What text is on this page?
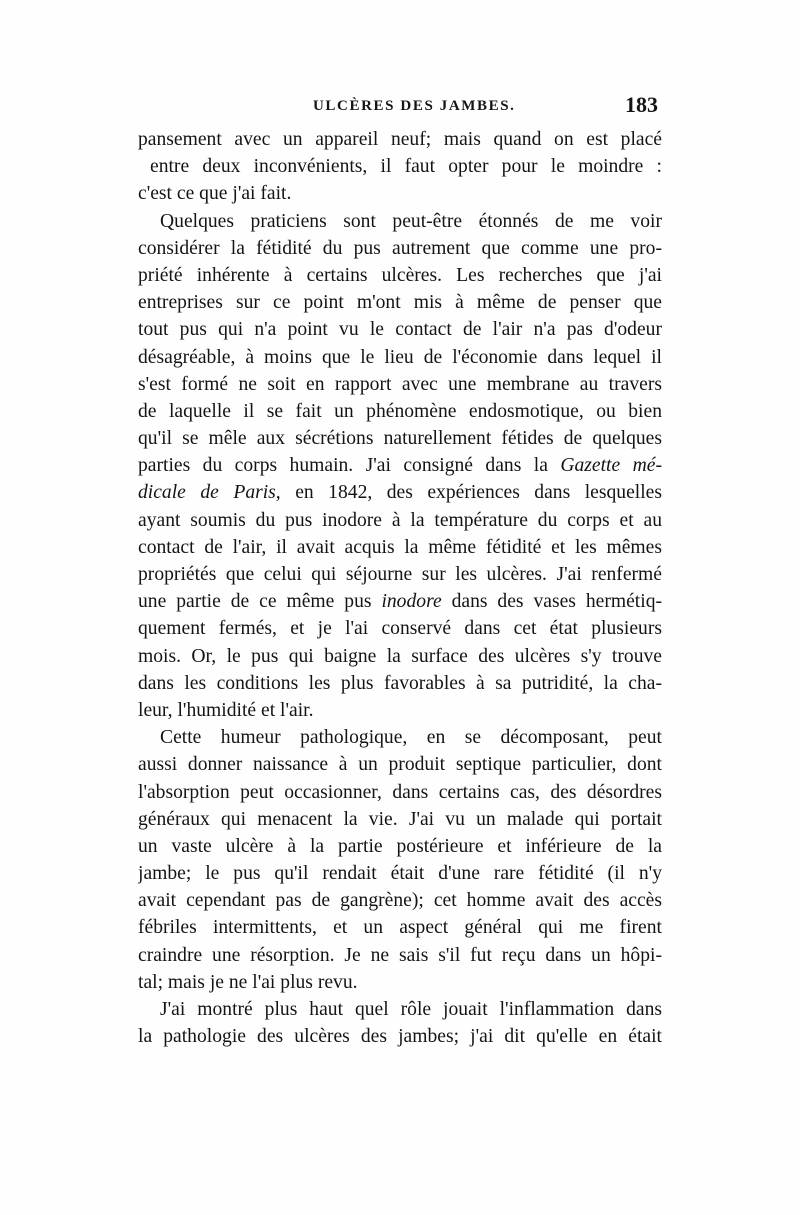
ULCÈRES DES JAMBES.	183
pansement avec un appareil neuf; mais quand on est placé
entre deux inconvénients, il faut opter pour le moindre :
c'est ce que j'ai fait.
Quelques praticiens sont peut-être étonnés de me voir
considérer la fétidité du pus autrement que comme une pro-
priété inhérente à certains ulcères. Les recherches que j'ai
entreprises sur ce point m'ont mis à même de penser que
tout pus qui n'a point vu le contact de l'air n'a pas d'odeur
désagréable, à moins que le lieu de l'économie dans lequel il
s'est formé ne soit en rapport avec une membrane au travers
de laquelle il se fait un phénomène endosmotique, ou bien
qu'il se mêle aux sécrétions naturellement fétides de quelques
parties du corps humain. J'ai consigné dans la Gazette mé-
dicale de Paris, en 1842, des expériences dans lesquelles
ayant soumis du pus inodore à la température du corps et au
contact de l'air, il avait acquis la même fétidité et les mêmes
propriétés que celui qui séjourne sur les ulcères. J'ai renfermé
une partie de ce même pus inodore dans des vases hermétiq-
quement fermés, et je l'ai conservé dans cet état plusieurs
mois. Or, le pus qui baigne la surface des ulcères s'y trouve
dans les conditions les plus favorables à sa putridité, la cha-
leur, l'humidité et l'air.
Cette humeur pathologique, en se décomposant, peut
aussi donner naissance à un produit septique particulier, dont
l'absorption peut occasionner, dans certains cas, des désordres
généraux qui menacent la vie. J'ai vu un malade qui portait
un vaste ulcère à la partie postérieure et inférieure de la
jambe; le pus qu'il rendait était d'une rare fétidité (il n'y
avait cependant pas de gangrène); cet homme avait des accès
fébriles intermittents, et un aspect général qui me firent
craindre une résorption. Je ne sais s'il fut reçu dans un hôpi-
tal; mais je ne l'ai plus revu.
J'ai montré plus haut quel rôle jouait l'inflammation dans
la pathologie des ulcères des jambes; j'ai dit qu'elle en était
